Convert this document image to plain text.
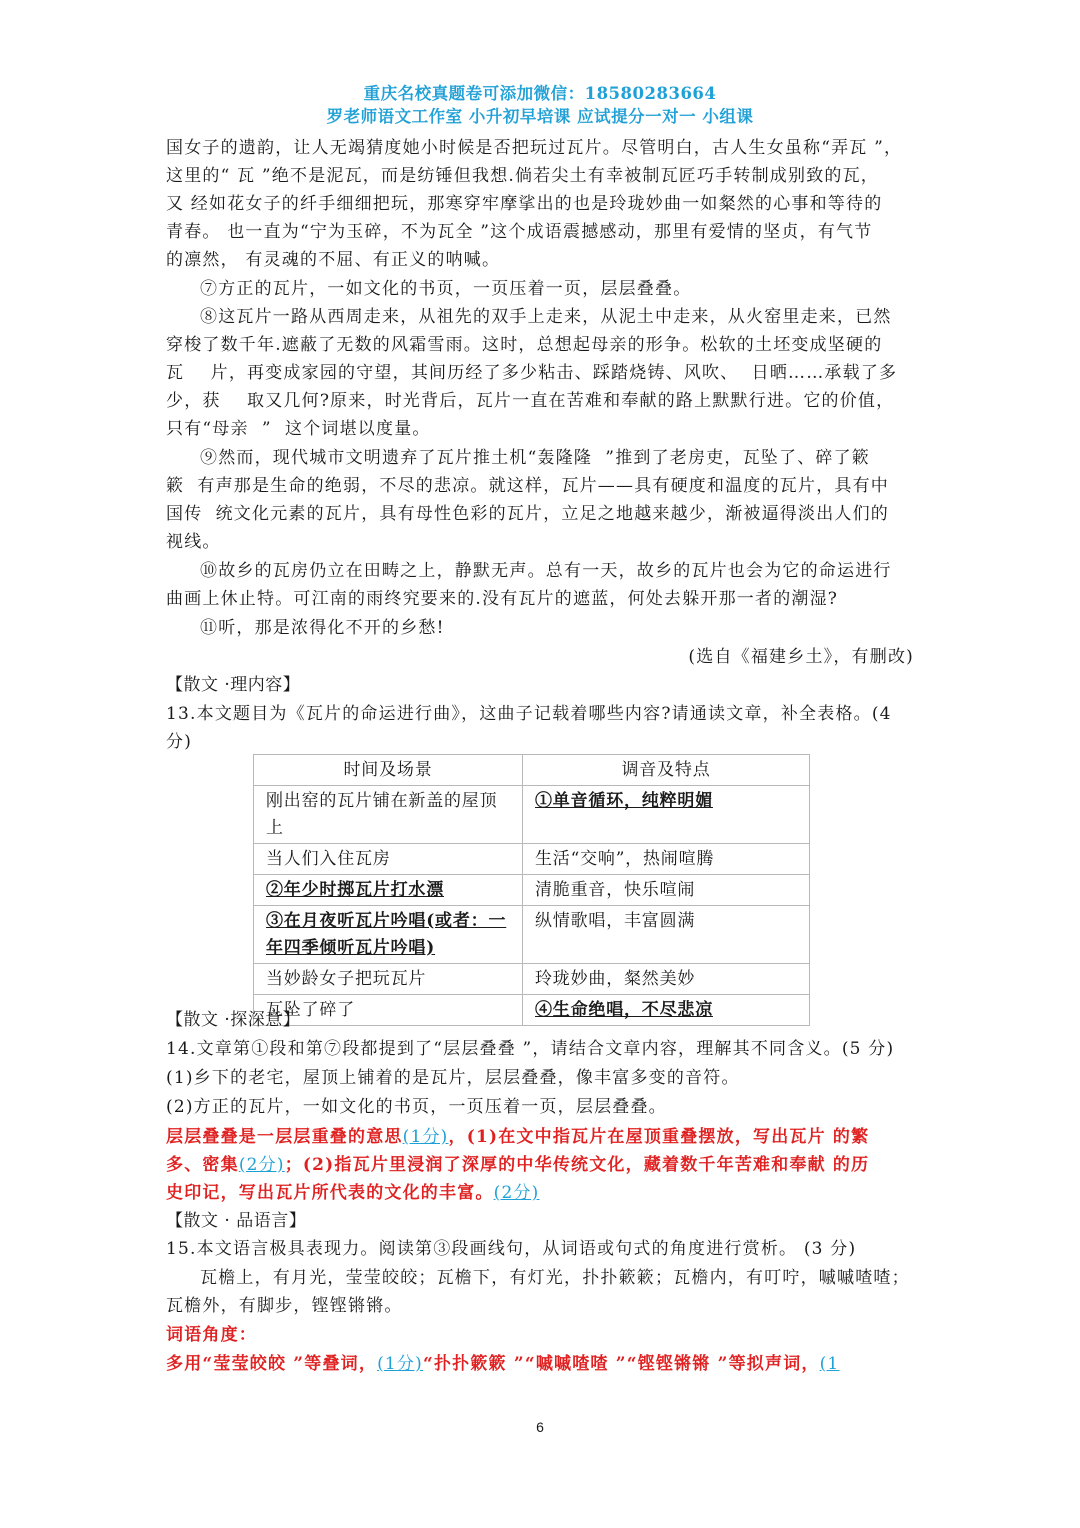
重庆名校真题卷可添加微信：18580283664
罗老师语文工作室 小升初早培课 应试提分一对一 小组课
国女子的遗韵，让人无竭猜度她小时候是否把玩过瓦片。尽管明白，古人生女虽称“弄瓦 ”，
这里的“ 瓦 ”绝不是泥瓦，而是纺锤但我想.倘若尖土有幸被制瓦匠巧手转制成别致的瓦，
又 经如花女子的纤手细细把玩，那寒穿牢摩挲出的也是玲珑妙曲一如粲然的心事和等待的
青春。 也一直为“宁为玉碎，不为瓦全 ”这个成语震撼感动，那里有爱情的坚贞，有气节
的凛然， 有灵魂的不屈、有正义的呐喊。
⑦方正的瓦片，一如文化的书页，一页压着一页，层层叠叠。
⑧这瓦片一路从西周走来，从祖先的双手上走来，从泥土中走来，从火窑里走来，已然
穿梭了数千年.遮蔽了无数的风霜雪雨。这时，总想起母亲的形争。松软的土坯变成坚硬的
瓦    片，再变成家园的守望，其间历经了多少粘击、踩踏烧铸、风吹、  日晒……承载了多
少，获    取又几何?原来，时光背后，瓦片一直在苦难和奉献的路上默默行进。它的价值，
只有“母亲  ”  这个词堪以度量。
⑨然而，现代城市文明遗弃了瓦片推土机“轰隆隆  ”推到了老房吏，瓦坠了、碎了簌
簌  有声那是生命的绝弱，不尽的悲凉。就这样，瓦片——具有硬度和温度的瓦片，具有中
国传  统文化元素的瓦片，具有母性色彩的瓦片，立足之地越来越少，渐被逼得淡出人们的
视线。
⑩故乡的瓦房仍立在田畴之上，静默无声。总有一天，故乡的瓦片也会为它的命运进行
曲画上休止特。可江南的雨终究要来的.没有瓦片的遮蓝，何处去躲开那一者的潮湿?
⑪听，那是浓得化不开的乡愁!
(选自《福建乡土》，有删改)
【散文 ·理内容】
13.本文题目为《瓦片的命运进行曲》，这曲子记载着哪些内容?请通读文章，补全表格。(4
分)
时间及场景	调音及特点
刚出窑的瓦片铺在新盖的屋顶上	①单音循环，纯粹明媚
当人们入住瓦房	生活“交响”，热闹喧腾
②年少时掷瓦片打水漂	清脆重音，快乐喧闹
③在月夜听瓦片吟唱(或者：一年四季倾听瓦片吟唱)	纵情歌唱，丰富圆满
当妙龄女子把玩瓦片	玲珑妙曲，粲然美妙
瓦坠了碎了	④生命绝唱，不尽悲凉
【散文 ·探深意】
14.文章第①段和第⑦段都提到了“层层叠叠 ”，请结合文章内容，理解其不同含义。(5 分)
(1)乡下的老宅，屋顶上铺着的是瓦片，层层叠叠，像丰富多变的音符。
(2)方正的瓦片，一如文化的书页，一页压着一页，层层叠叠。
层层叠叠是一层层重叠的意思(1分)，(1)在文中指瓦片在屋顶重叠摆放，写出瓦片 的繁
多、密集(2分)；(2)指瓦片里浸润了深厚的中华传统文化，藏着数千年苦难和奉献 的历
史印记，写出瓦片所代表的文化的丰富。(2分)
【散文 · 品语言】
15.本文语言极具表现力。阅读第③段画线句，从词语或句式的角度进行赏析。 (3 分)
瓦檐上，有月光，莹莹皎皎；瓦檐下，有灯光，扑扑簌簌；瓦檐内，有叮咛，嘁嘁喳喳；
瓦檐外，有脚步，铿铿锵锵。
词语角度：
多用“莹莹皎皎 ”等叠词，(1分)“扑扑簌簌 ”“嘁嘁喳喳 ”“铿铿锵锵 ”等拟声词，(1
6
